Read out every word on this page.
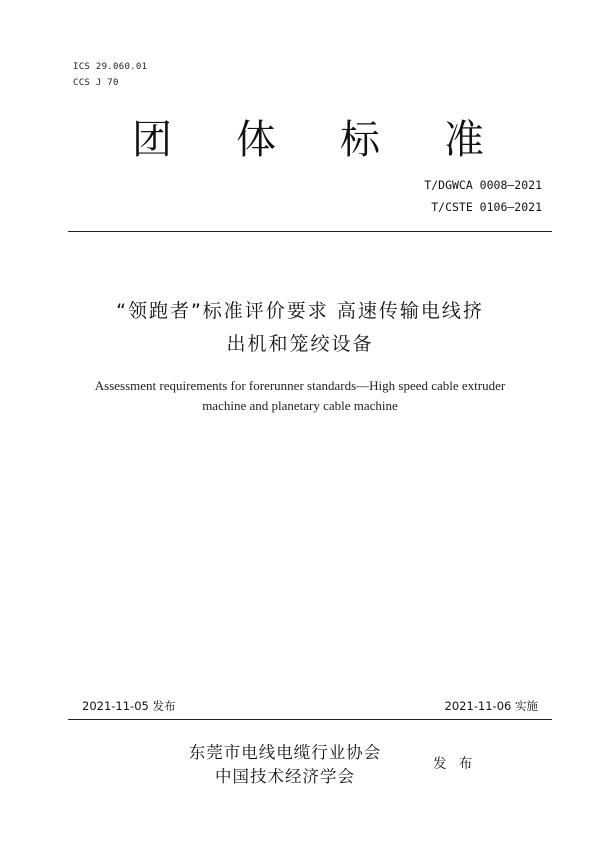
ICS 29.060.01
CCS J 70
团 体 标 准
T/DGWCA 0008—2021
T/CSTE 0106—2021
“领跑者”标准评价要求 高速传输电线挤
出机和笼绞设备
Assessment requirements for forerunner standards—High speed cable extruder
machine and planetary cable machine
2021-11-05 发布	2021-11-06 实施
东莞市电线电缆行业协会
中国技术经济学会
发 布
